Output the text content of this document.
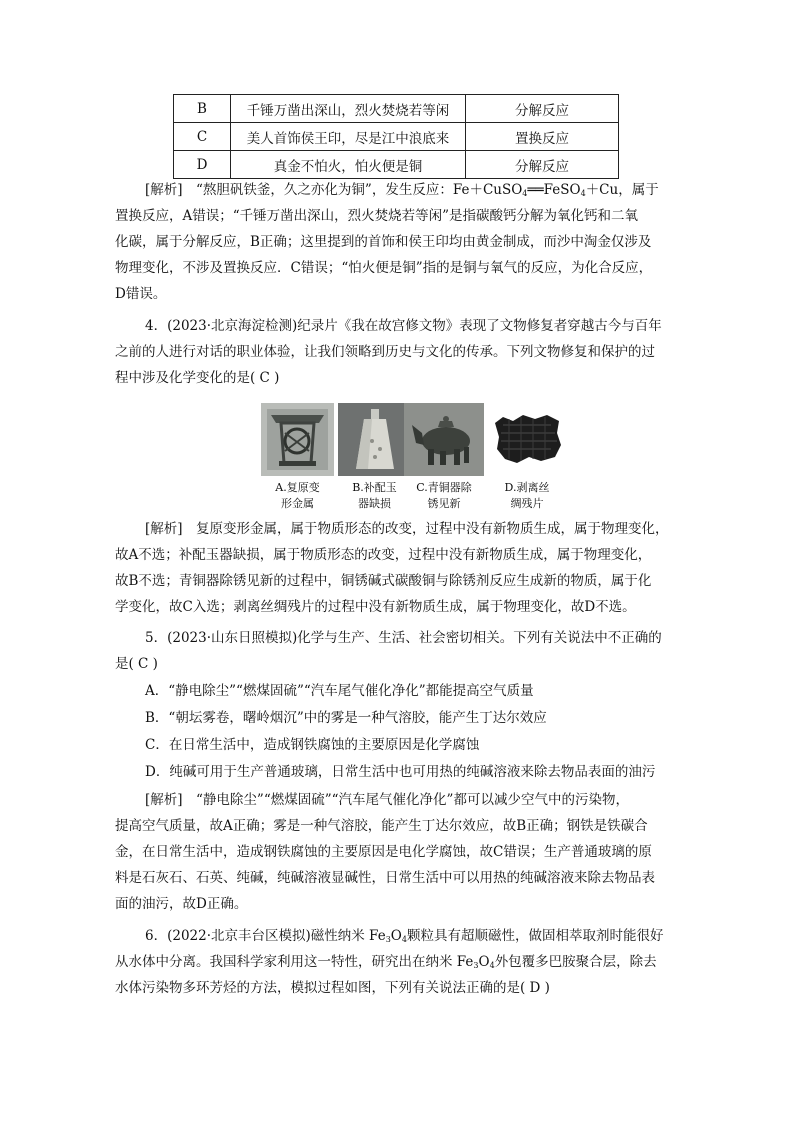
B	千锤万凿出深山，烈火焚烧若等闲	分解反应
C	美人首饰侯王印，尽是江中浪底来	置换反应
D	真金不怕火，怕火便是铜	分解反应
[解析]　“熬胆矾铁釜，久之亦化为铜”，发生反应：Fe＋CuSO$_4$══FeSO$_4$＋Cu，属于
置换反应，A错误；“千锤万凿出深山，烈火焚烧若等闲”是指碳酸钙分解为氧化钙和二氧
化碳，属于分解反应，B正确；这里提到的首饰和侯王印均由黄金制成，而沙中淘金仅涉及
物理变化，不涉及置换反应．C错误；“怕火便是铜”指的是铜与氧气的反应，为化合反应，
D错误。
4．(2023·北京海淀检测)纪录片《我在故宫修文物》表现了文物修复者穿越古今与百年
之前的人进行对话的职业体验，让我们领略到历史与文化的传承。下列文物修复和保护的过
程中涉及化学变化的是( C )
A.复原变
形金属
B.补配玉
器缺损
C.青铜器除
锈见新
D.剥离丝
绸残片
[解析]　复原变形金属，属于物质形态的改变，过程中没有新物质生成，属于物理变化，
故A不选；补配玉器缺损，属于物质形态的改变，过程中没有新物质生成，属于物理变化，
故B不选；青铜器除锈见新的过程中，铜锈碱式碳酸铜与除锈剂反应生成新的物质，属于化
学变化，故C入选；剥离丝绸残片的过程中没有新物质生成，属于物理变化，故D不选。
5．(2023·山东日照模拟)化学与生产、生活、社会密切相关。下列有关说法中不正确的
是( C )
A．“静电除尘”“燃煤固硫”“汽车尾气催化净化”都能提高空气质量
B．“朝坛雾卷，曙岭烟沉”中的雾是一种气溶胶，能产生丁达尔效应
C．在日常生活中，造成钢铁腐蚀的主要原因是化学腐蚀
D．纯碱可用于生产普通玻璃，日常生活中也可用热的纯碱溶液来除去物品表面的油污
[解析]　“静电除尘”“燃煤固硫”“汽车尾气催化净化”都可以减少空气中的污染物，
提高空气质量，故A正确；雾是一种气溶胶，能产生丁达尔效应，故B正确；钢铁是铁碳合
金，在日常生活中，造成钢铁腐蚀的主要原因是电化学腐蚀，故C错误；生产普通玻璃的原
料是石灰石、石英、纯碱，纯碱溶液显碱性，日常生活中可以用热的纯碱溶液来除去物品表
面的油污，故D正确。
6．(2022·北京丰台区模拟)磁性纳米 $Fe_3O_4$颗粒具有超顺磁性，做固相萃取剂时能很好
从水体中分离。我国科学家利用这一特性，研究出在纳米 $Fe_3O_4$外包覆多巴胺聚合层，除去
水体污染物多环芳烃的方法，模拟过程如图，下列有关说法正确的是( D )
